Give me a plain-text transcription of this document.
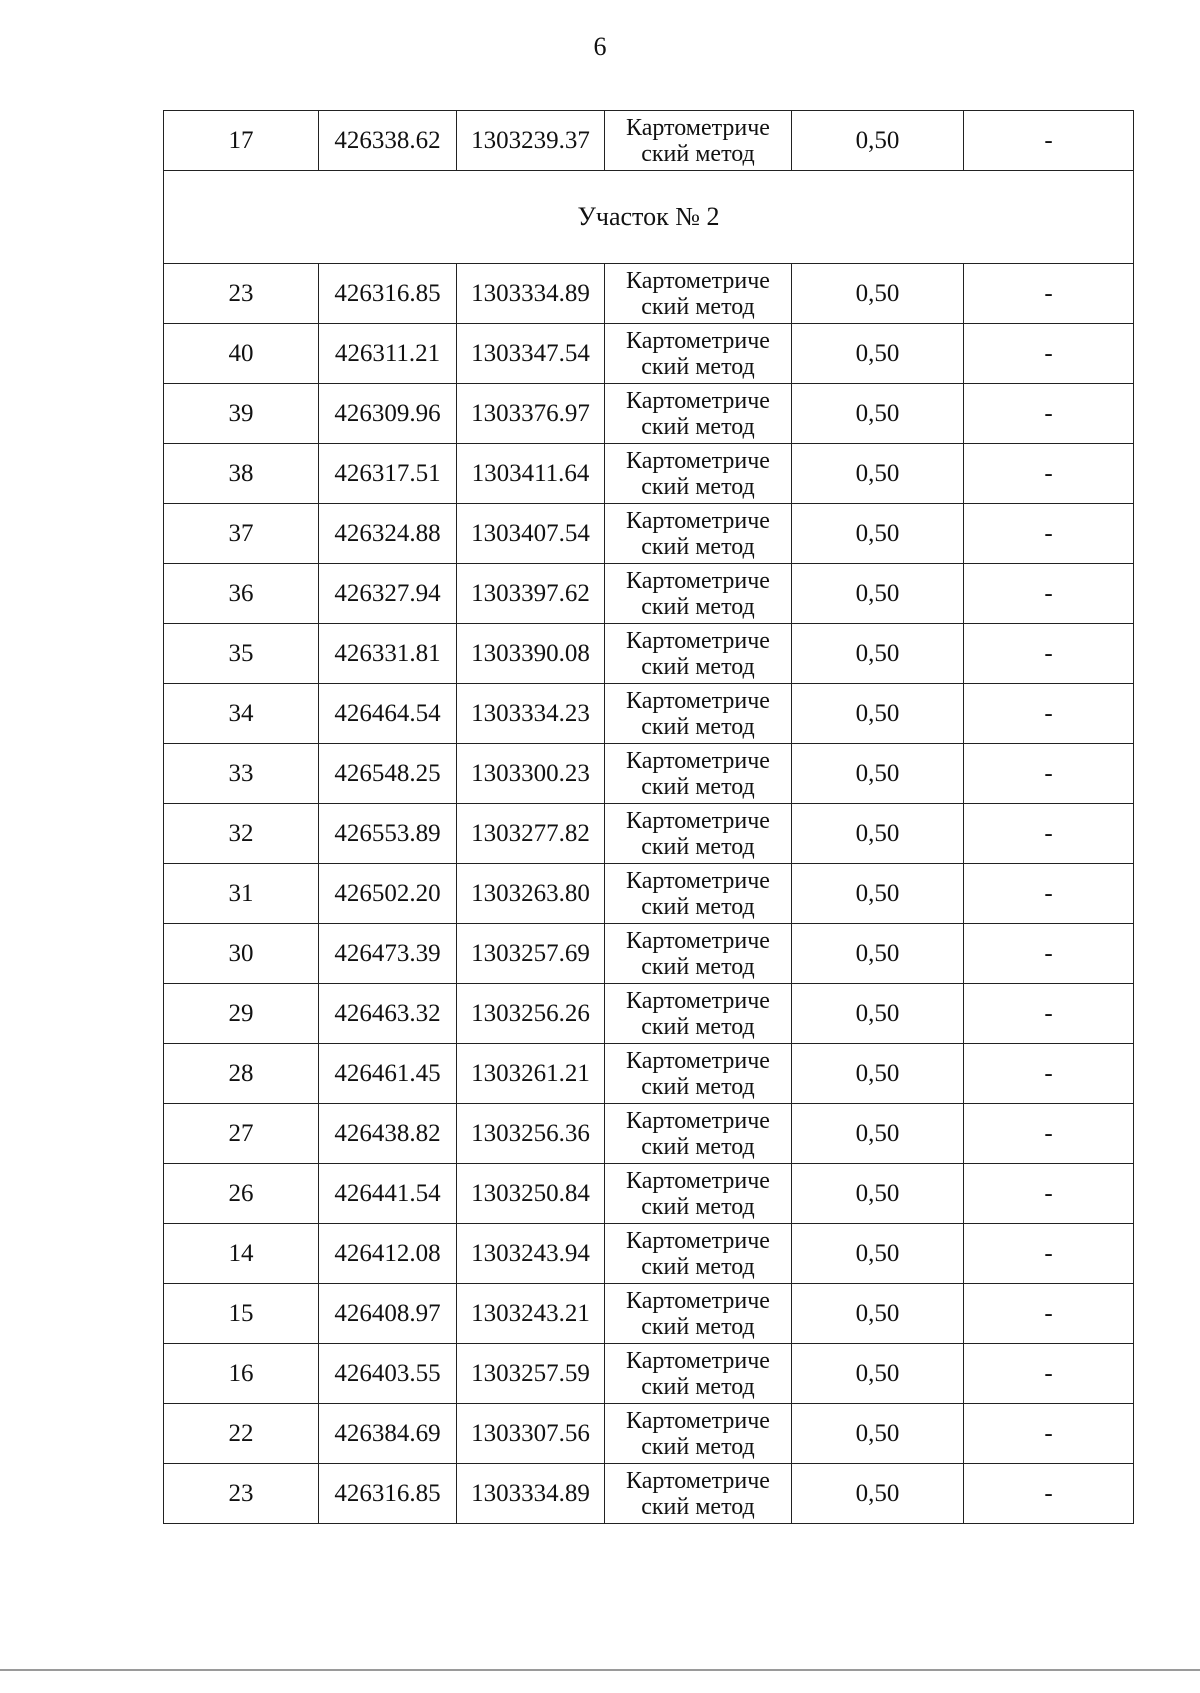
6
17	426338.62	1303239.37	Картометриче ский метод	0,50	-
Участок № 2					
23	426316.85	1303334.89	Картометриче ский метод	0,50	-
40	426311.21	1303347.54	Картометриче ский метод	0,50	-
39	426309.96	1303376.97	Картометриче ский метод	0,50	-
38	426317.51	1303411.64	Картометриче ский метод	0,50	-
37	426324.88	1303407.54	Картометриче ский метод	0,50	-
36	426327.94	1303397.62	Картометриче ский метод	0,50	-
35	426331.81	1303390.08	Картометриче ский метод	0,50	-
34	426464.54	1303334.23	Картометриче ский метод	0,50	-
33	426548.25	1303300.23	Картометриче ский метод	0,50	-
32	426553.89	1303277.82	Картометриче ский метод	0,50	-
31	426502.20	1303263.80	Картометриче ский метод	0,50	-
30	426473.39	1303257.69	Картометриче ский метод	0,50	-
29	426463.32	1303256.26	Картометриче ский метод	0,50	-
28	426461.45	1303261.21	Картометриче ский метод	0,50	-
27	426438.82	1303256.36	Картометриче ский метод	0,50	-
26	426441.54	1303250.84	Картометриче ский метод	0,50	-
14	426412.08	1303243.94	Картометриче ский метод	0,50	-
15	426408.97	1303243.21	Картометриче ский метод	0,50	-
16	426403.55	1303257.59	Картометриче ский метод	0,50	-
22	426384.69	1303307.56	Картометриче ский метод	0,50	-
23	426316.85	1303334.89	Картометриче ский метод	0,50	-
